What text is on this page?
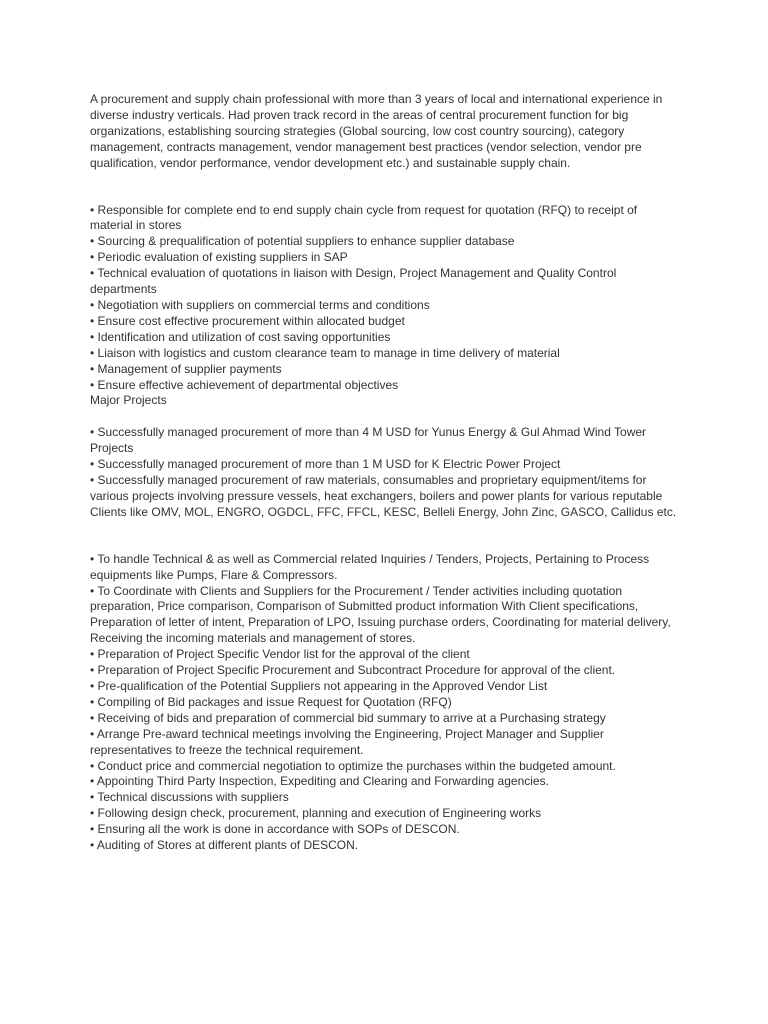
A procurement and supply chain professional with more than 3 years of local and international experience in diverse industry verticals. Had proven track record in the areas of central procurement function for big organizations, establishing sourcing strategies (Global sourcing, low cost country sourcing), category management, contracts management, vendor management best practices (vendor selection, vendor pre qualification, vendor performance, vendor development etc.) and sustainable supply chain.

• Responsible for complete end to end supply chain cycle from request for quotation (RFQ) to receipt of material in stores

• Sourcing & prequalification of potential suppliers to enhance supplier database

• Periodic evaluation of existing suppliers in SAP

• Technical evaluation of quotations in liaison with Design, Project Management and Quality Control departments

• Negotiation with suppliers on commercial terms and conditions

• Ensure cost effective procurement within allocated budget

• Identification and utilization of cost saving opportunities

• Liaison with logistics and custom clearance team to manage in time delivery of material

• Management of supplier payments

• Ensure effective achievement of departmental objectives

Major Projects

• Successfully managed procurement of more than 4 M USD for Yunus Energy & Gul Ahmad Wind Tower Projects

• Successfully managed procurement of more than 1 M USD for K Electric Power Project

• Successfully managed procurement of raw materials, consumables and proprietary equipment/items for various projects involving pressure vessels, heat exchangers, boilers and power plants for various reputable Clients like OMV, MOL, ENGRO, OGDCL, FFC, FFCL, KESC, Belleli Energy, John Zinc, GASCO, Callidus etc.

• To handle Technical & as well as Commercial related Inquiries / Tenders, Projects, Pertaining to Process equipments like Pumps, Flare & Compressors.

• To Coordinate with Clients and Suppliers for the Procurement / Tender activities including quotation preparation, Price comparison, Comparison of Submitted product information With Client specifications, Preparation of letter of intent, Preparation of LPO, Issuing purchase orders, Coordinating for material delivery, Receiving the incoming materials and management of stores.

• Preparation of Project Specific Vendor list for the approval of the client

• Preparation of Project Specific Procurement and Subcontract Procedure for approval of the client.

• Pre-qualification of the Potential Suppliers not appearing in the Approved Vendor List

• Compiling of Bid packages and issue Request for Quotation (RFQ)

• Receiving of bids and preparation of commercial bid summary to arrive at a Purchasing strategy

• Arrange Pre-award technical meetings involving the Engineering, Project Manager and Supplier representatives to freeze the technical requirement.

• Conduct price and commercial negotiation to optimize the purchases within the budgeted amount.

• Appointing Third Party Inspection, Expediting and Clearing and Forwarding agencies.

• Technical discussions with suppliers

• Following design check, procurement, planning and execution of Engineering works

• Ensuring all the work is done in accordance with SOPs of DESCON.

• Auditing of Stores at different plants of DESCON.
